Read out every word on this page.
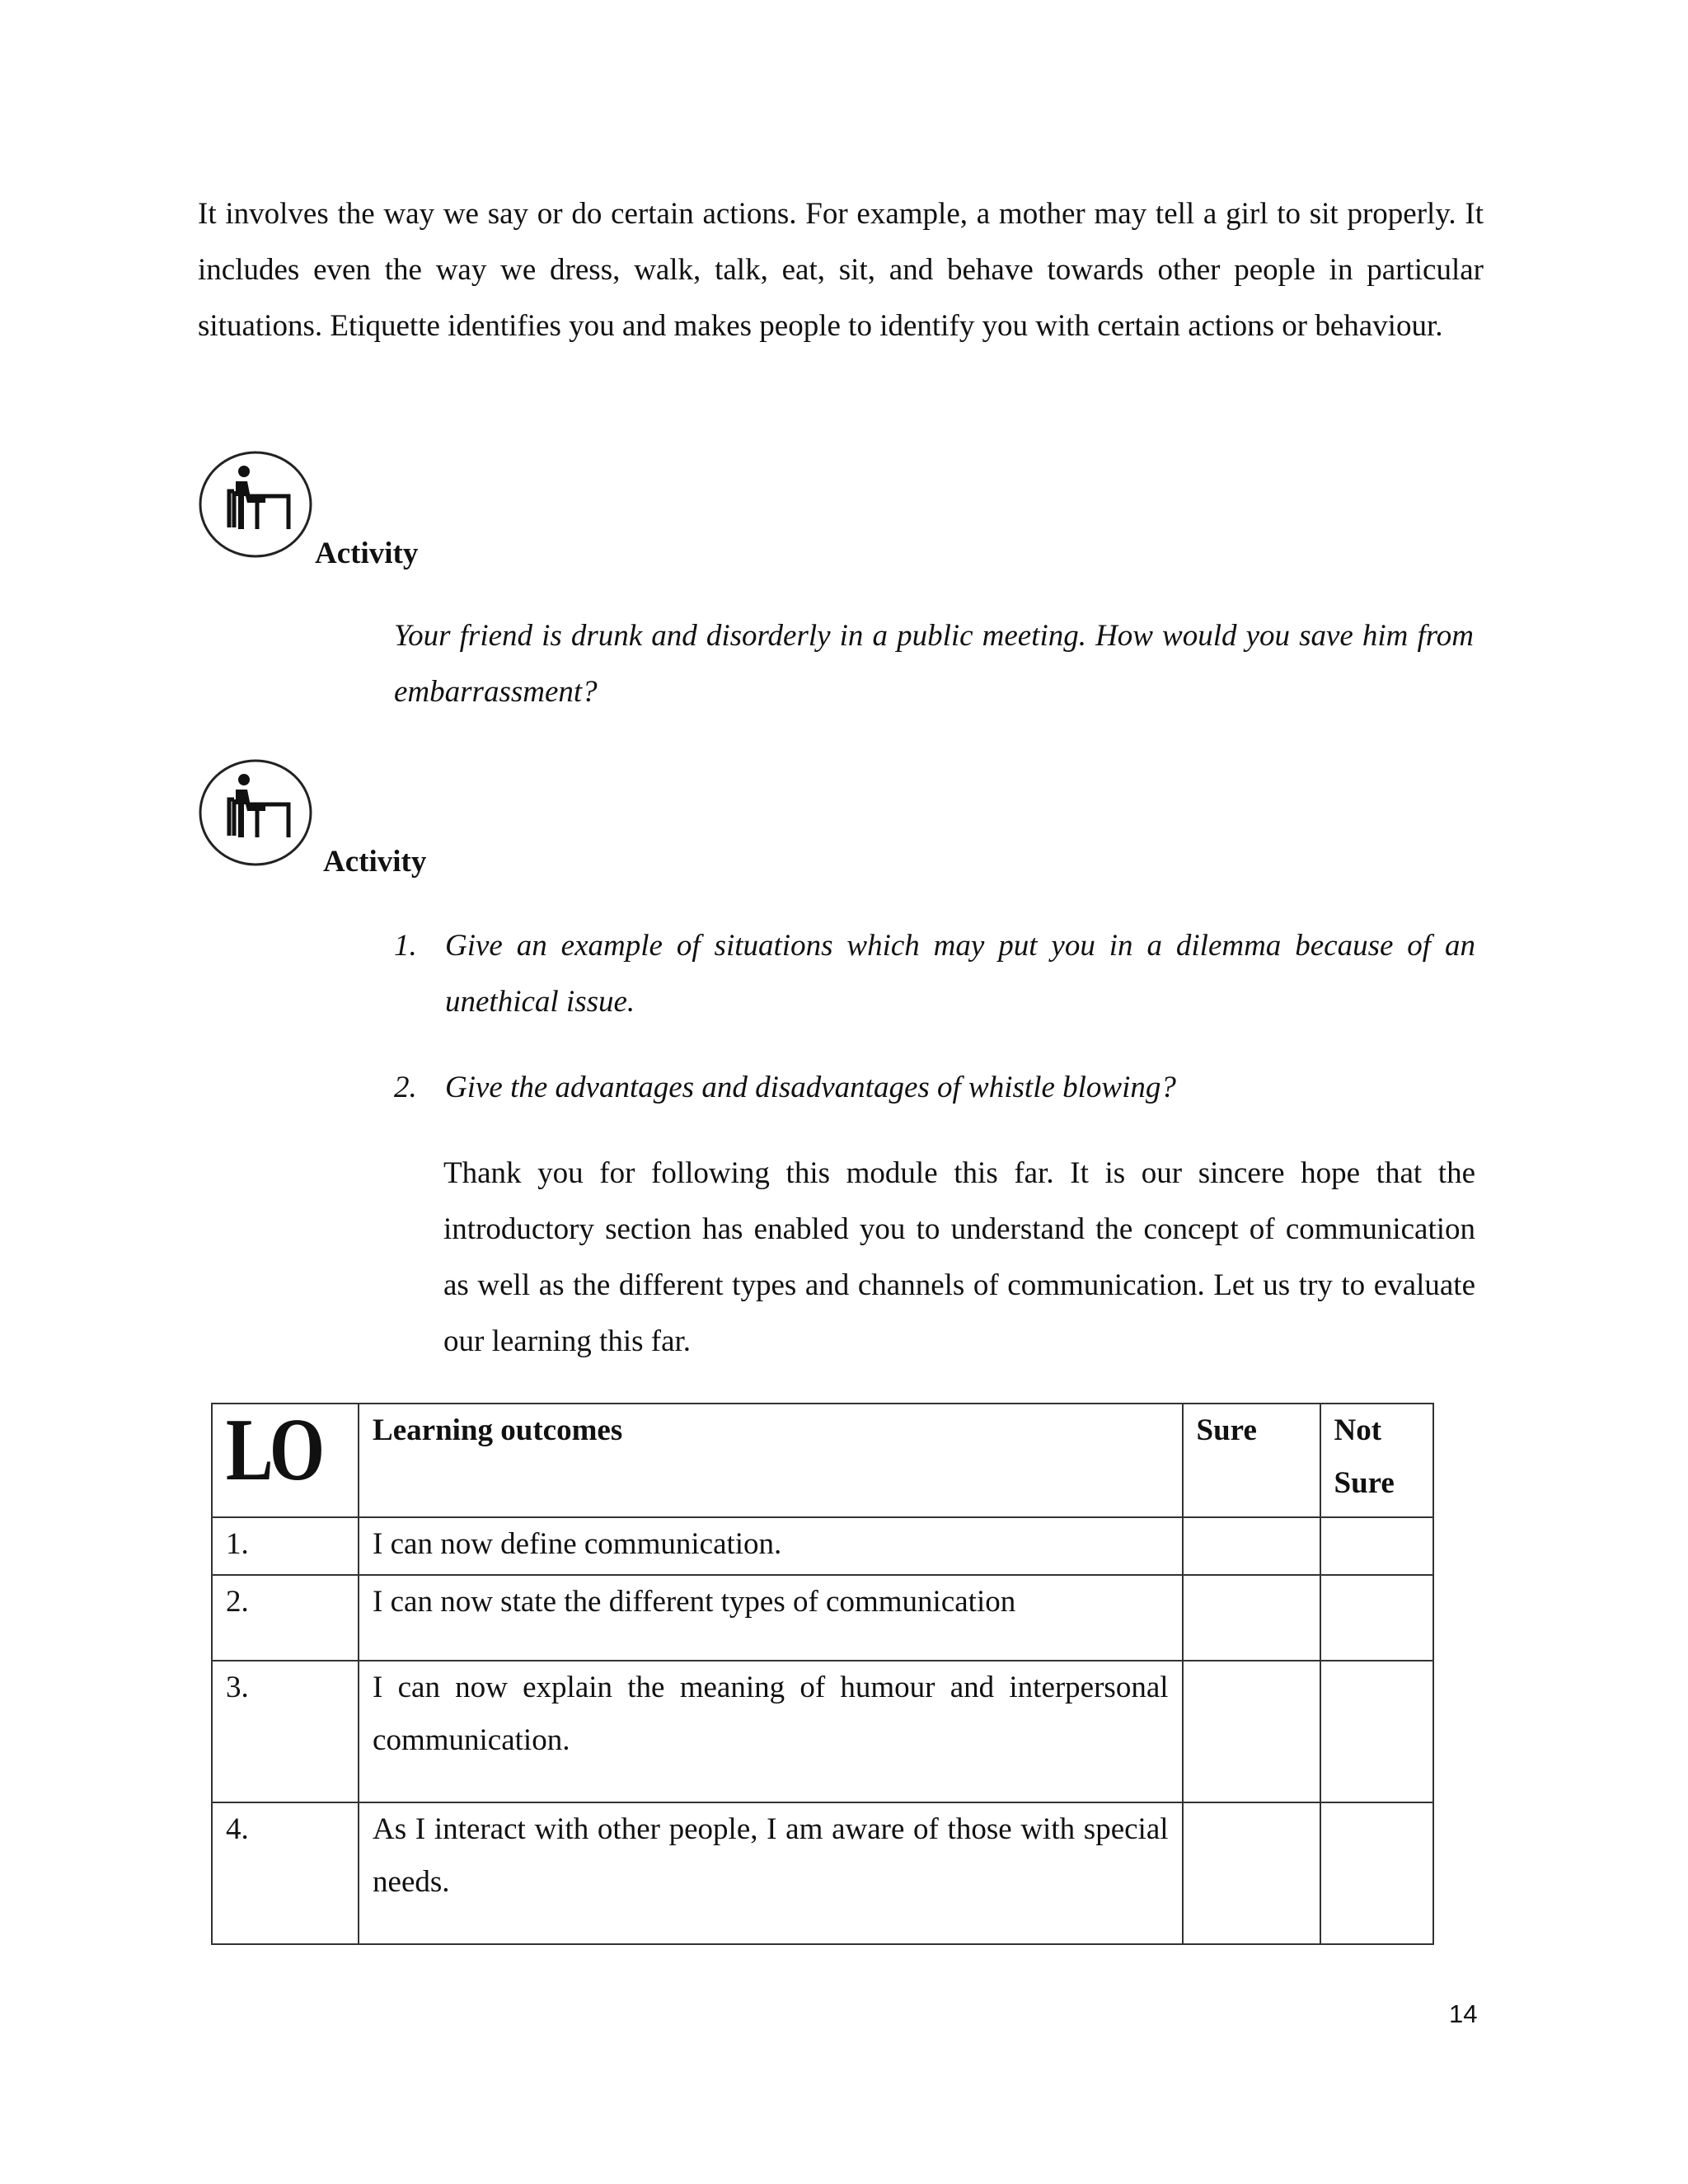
It involves the way we say or do certain actions. For example, a mother may tell a girl to sit properly. It includes even the way we dress, walk, talk, eat, sit, and behave towards other people in particular situations. Etiquette identifies you and makes people to identify you with certain actions or behaviour.
Activity
Your friend is drunk and disorderly in a public meeting. How would you save him from embarrassment?
Activity
1. Give an example of situations which may put you in a dilemma because of an unethical issue.
2. Give the advantages and disadvantages of whistle blowing?
Thank you for following this module this far. It is our sincere hope that the introductory section has enabled you to understand the concept of communication as well as the different types and channels of communication. Let us try to evaluate our learning this far.
LO	Learning outcomes	Sure	Not Sure
1.	I can now define communication.		
2.	I can now state the different types of communication		
3.	I can now explain the meaning of humour and interpersonal communication.		
4.	As I interact with other people, I am aware of those with special needs.		
14
